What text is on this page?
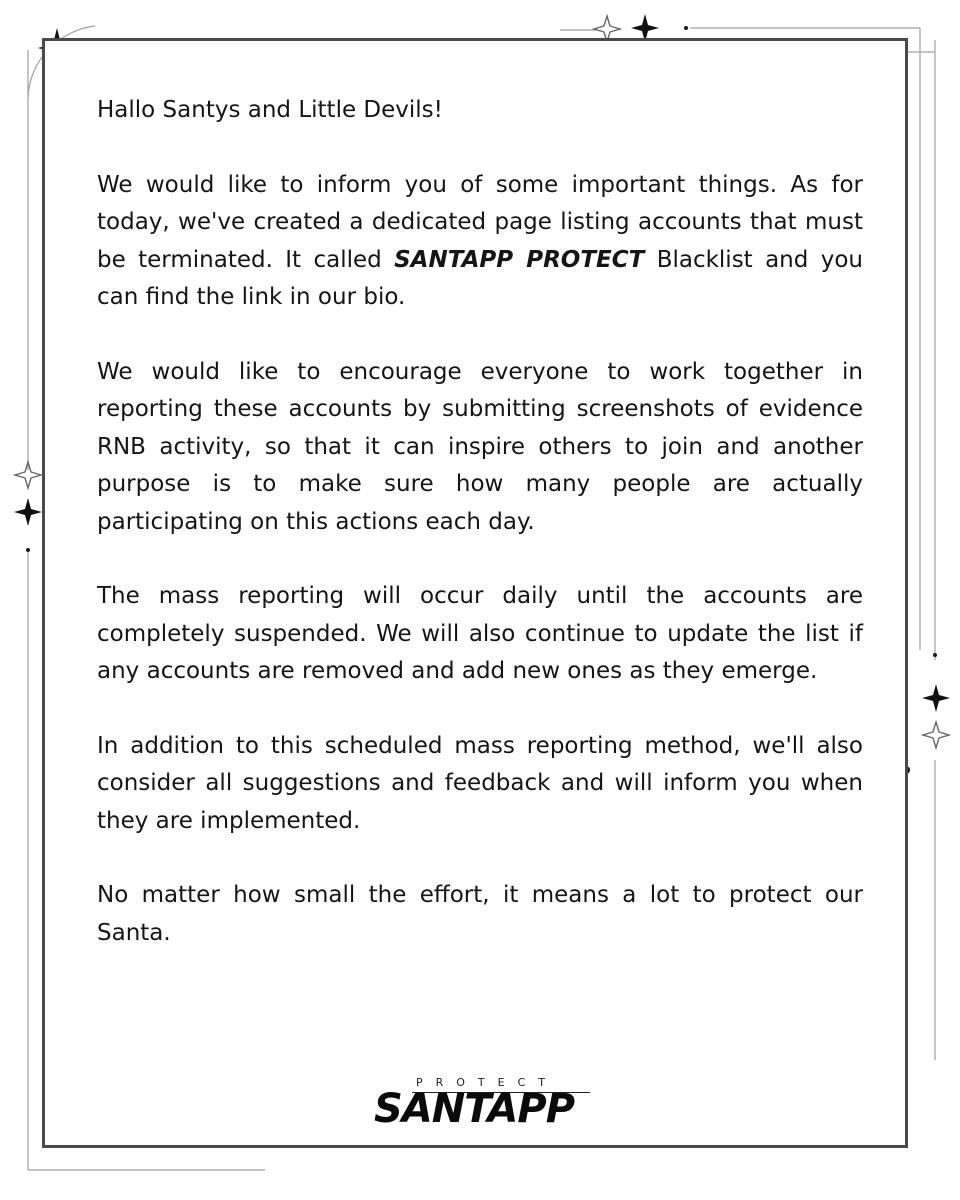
Hallo Santys and Little Devils!

We would like to inform you of some important things. As for today, we've created a dedicated page listing accounts that must be terminated. It called SANTAPP PROTECT Blacklist and you can find the link in our bio.

We would like to encourage everyone to work together in reporting these accounts by submitting screenshots of evidence RNB activity, so that it can inspire others to join and another purpose is to make sure how many people are actually participating on this actions each day.

The mass reporting will occur daily until the accounts are completely suspended. We will also continue to update the list if any accounts are removed and add new ones as they emerge.

In addition to this scheduled mass reporting method, we'll also consider all suggestions and feedback and will inform you when they are implemented.

No matter how small the effort, it means a lot to protect our Santa.

PROTECT
SANTAPP
